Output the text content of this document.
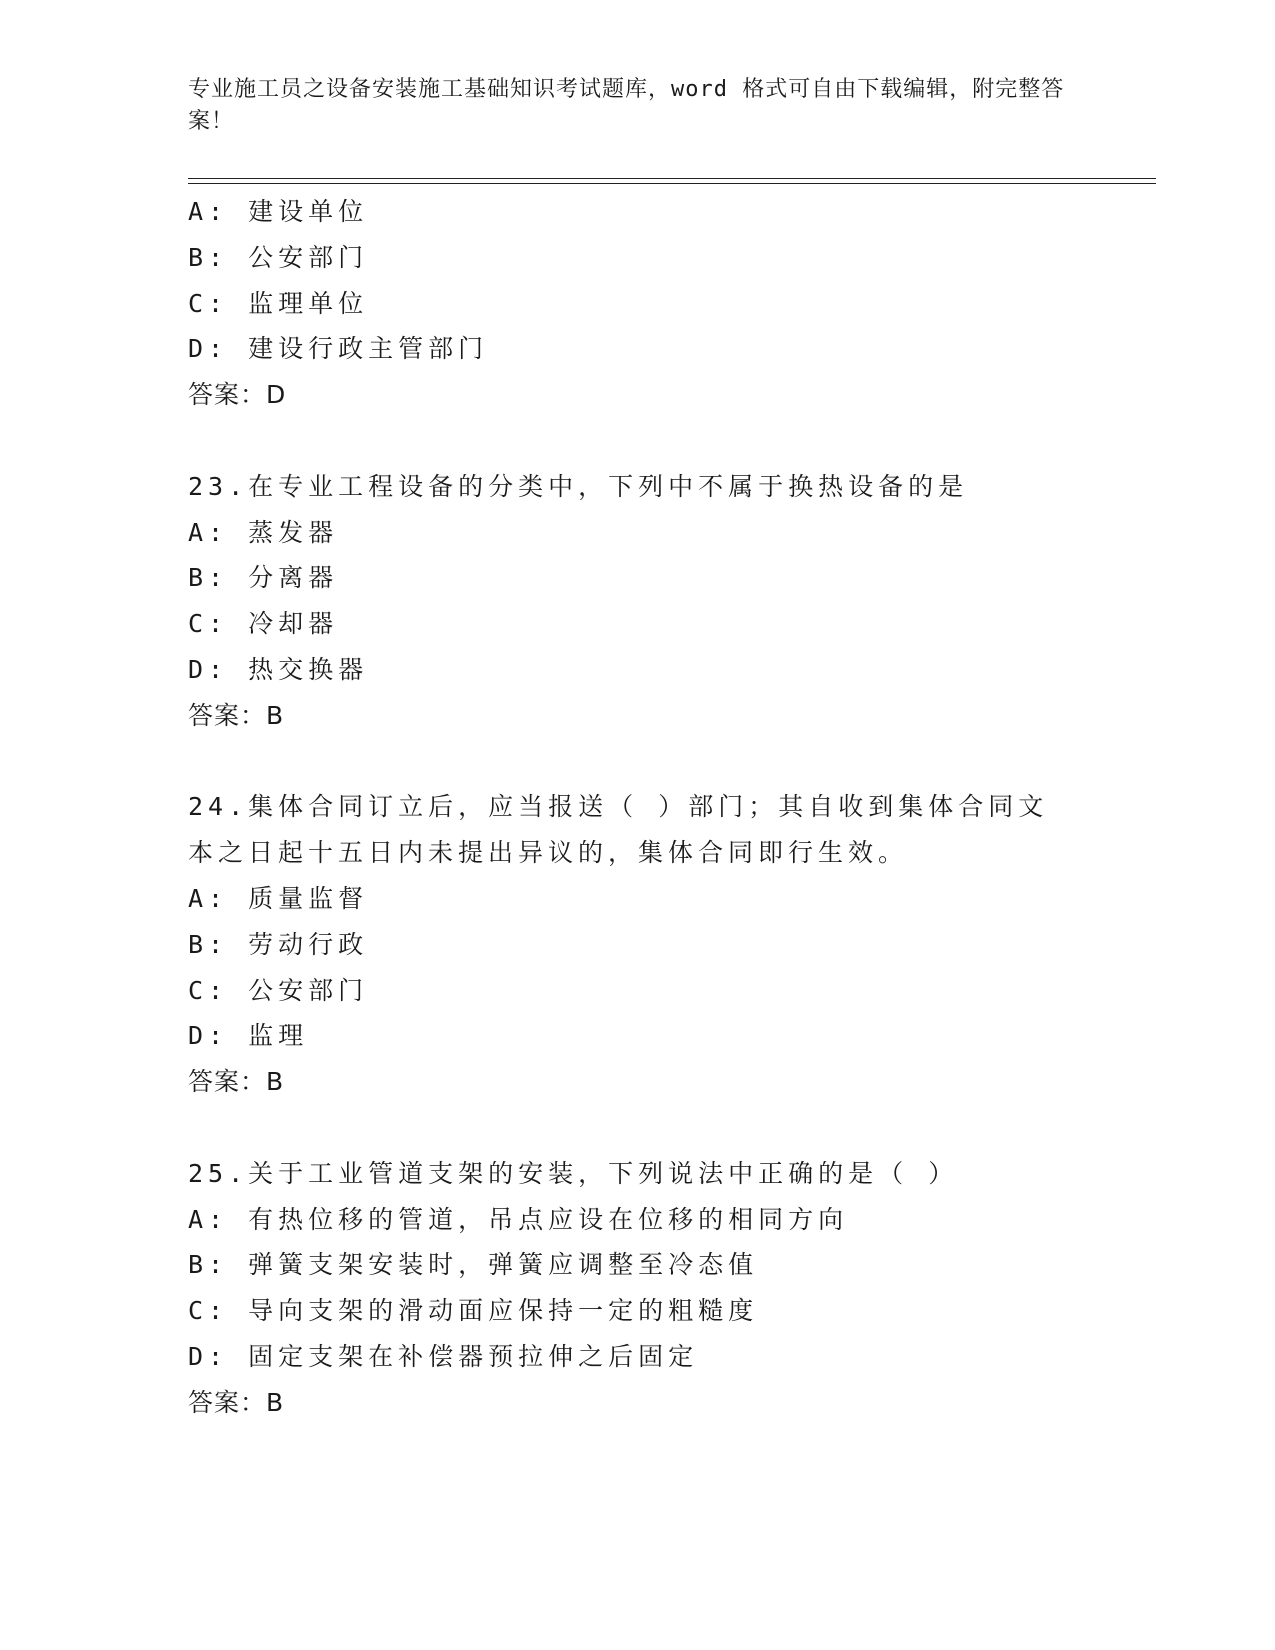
专业施工员之设备安装施工基础知识考试题库，word 格式可自由下载编辑，附完整答案！

A: 建设单位
B: 公安部门
C: 监理单位
D: 建设行政主管部门
答案：D
23.在专业工程设备的分类中，下列中不属于换热设备的是
A: 蒸发器
B: 分离器
C: 冷却器
D: 热交换器
答案：B

24.集体合同订立后，应当报送（ ）部门；其自收到集体合同文本之日起十五日内未提出异议的，集体合同即行生效。

A: 质量监督
B: 劳动行政
C: 公安部门
D: 监理
答案：B
25.关于工业管道支架的安装，下列说法中正确的是（ ）
A: 有热位移的管道，吊点应设在位移的相同方向
B: 弹簧支架安装时，弹簧应调整至冷态值
C: 导向支架的滑动面应保持一定的粗糙度
D: 固定支架在补偿器预拉伸之后固定
答案：B
